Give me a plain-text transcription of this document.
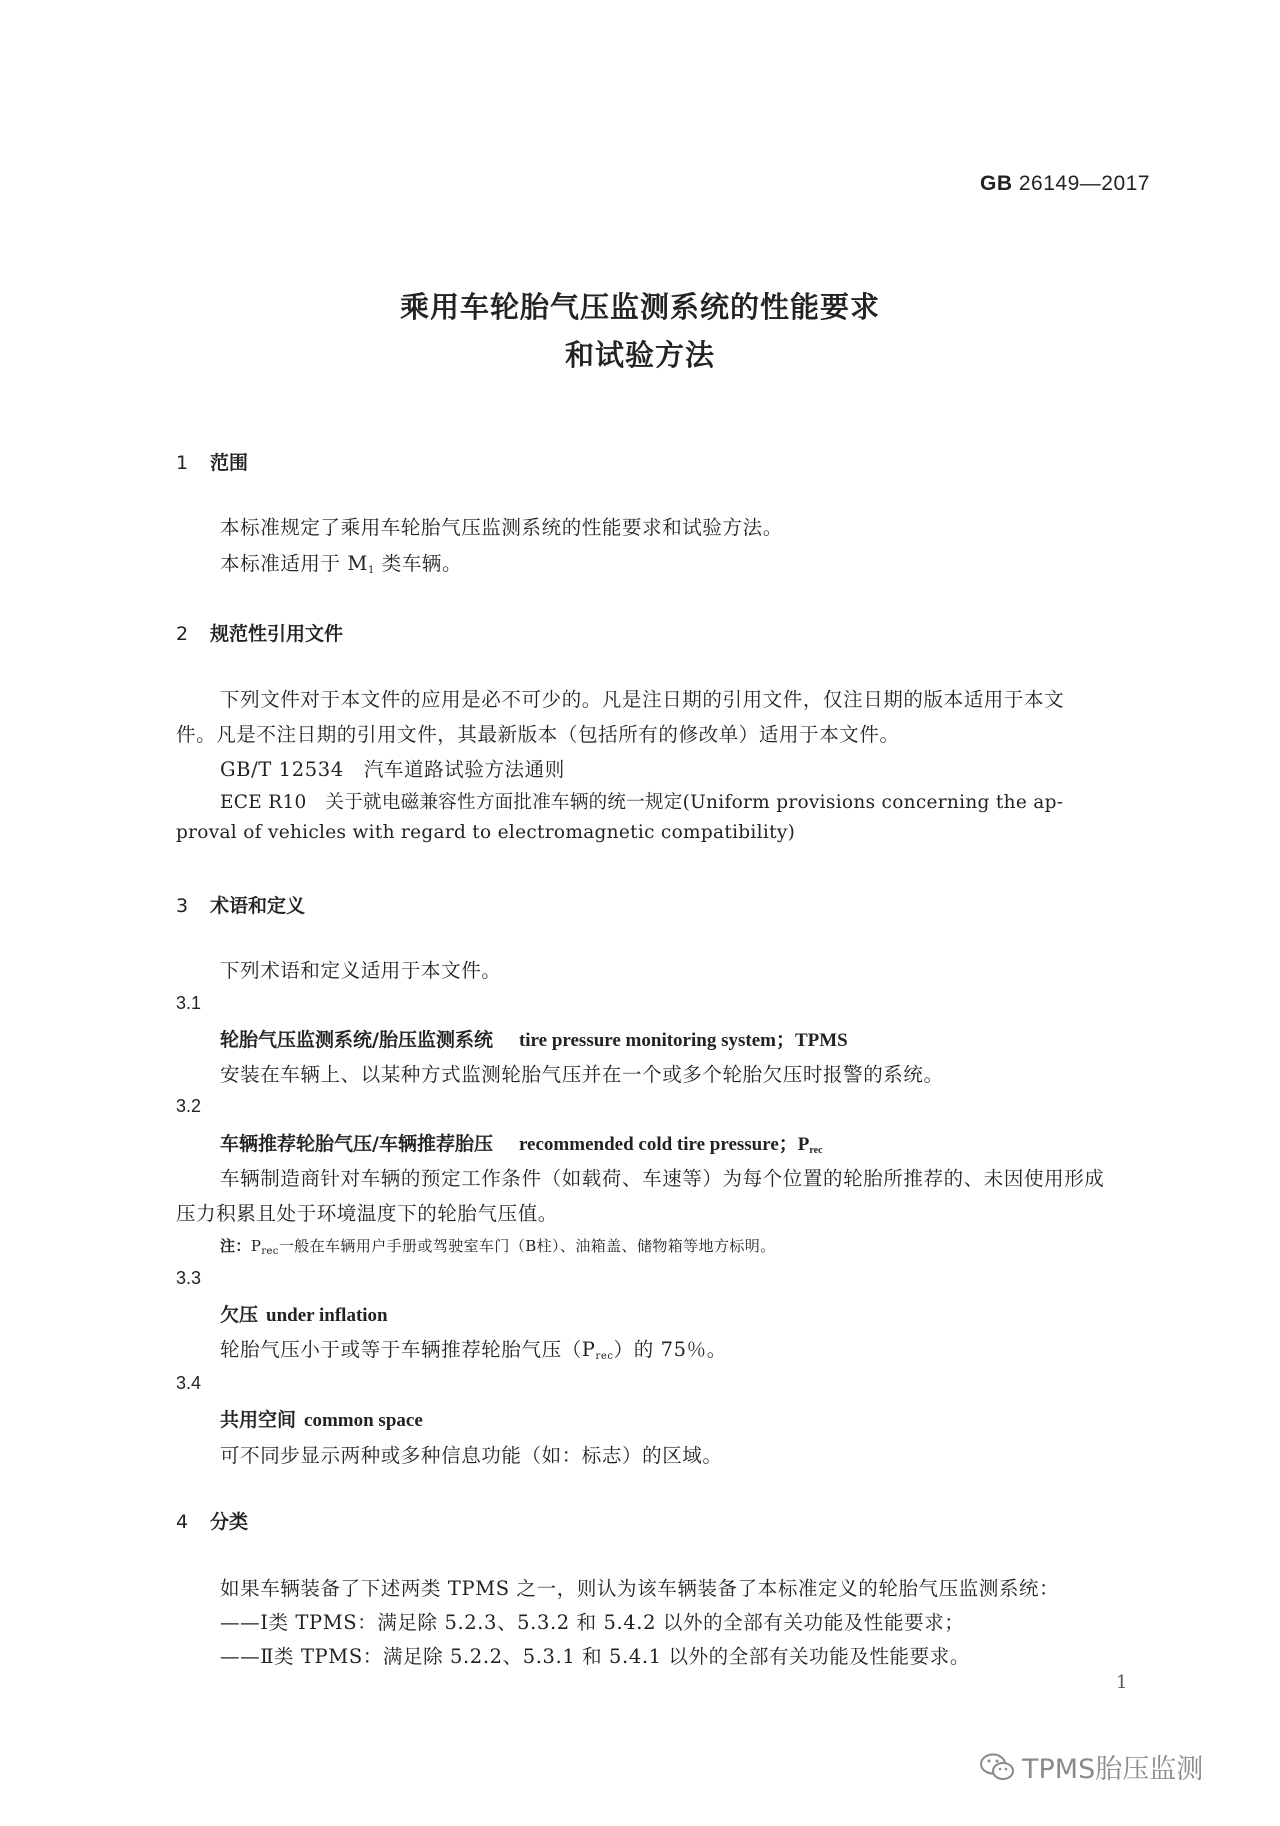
GB 26149—2017
乘用车轮胎气压监测系统的性能要求
和试验方法
1 范围
本标准规定了乘用车轮胎气压监测系统的性能要求和试验方法。
本标准适用于 $M_1$ 类车辆。
2 规范性引用文件
下列文件对于本文件的应用是必不可少的。凡是注日期的引用文件，仅注日期的版本适用于本文
件。凡是不注日期的引用文件，其最新版本（包括所有的修改单）适用于本文件。
GB/T 12534　汽车道路试验方法通则
ECE R10　关于就电磁兼容性方面批准车辆的统一规定(Uniform provisions concerning the ap-
proval of vehicles with regard to electromagnetic compatibility)
3 术语和定义
下列术语和定义适用于本文件。
3.1
轮胎气压监测系统/胎压监测系统 tire pressure monitoring system；TPMS
安装在车辆上、以某种方式监测轮胎气压并在一个或多个轮胎欠压时报警的系统。
3.2
车辆推荐轮胎气压/车辆推荐胎压 recommended cold tire pressure；$P_{rec}$
车辆制造商针对车辆的预定工作条件（如载荷、车速等）为每个位置的轮胎所推荐的、未因使用形成
压力积累且处于环境温度下的轮胎气压值。
注：$P_{rec}$一般在车辆用户手册或驾驶室车门（B柱）、油箱盖、储物箱等地方标明。
3.3
欠压 under inflation
轮胎气压小于或等于车辆推荐轮胎气压$(P_{rec})$的 75％。
3.4
共用空间 common space
可不同步显示两种或多种信息功能（如：标志）的区域。
4 分类
如果车辆装备了下述两类 TPMS 之一，则认为该车辆装备了本标准定义的轮胎气压监测系统：
——Ⅰ类 TPMS：满足除 5.2.3、5.3.2 和 5.4.2 以外的全部有关功能及性能要求；
——Ⅱ类 TPMS：满足除 5.2.2、5.3.1 和 5.4.1 以外的全部有关功能及性能要求。
1
TPMS胎压监测
